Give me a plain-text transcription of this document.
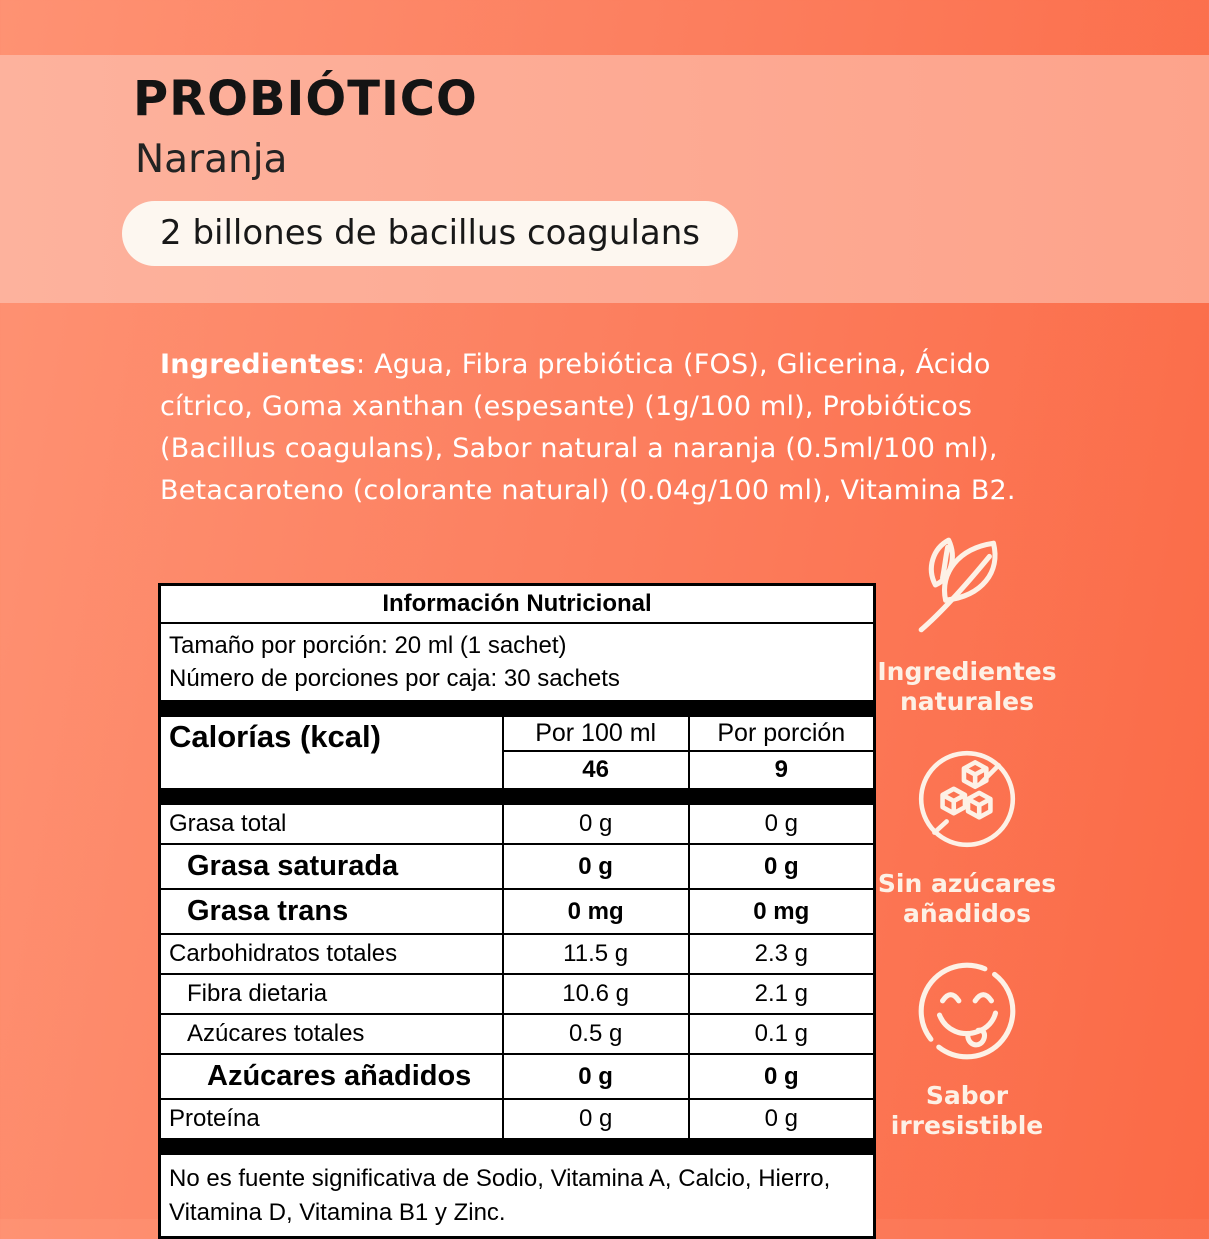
PROBIÓTICO
Naranja
2 billones de bacillus coagulans

Ingredientes: Agua, Fibra prebiótica (FOS), Glicerina, Ácido cítrico, Goma xanthan (espesante) (1g/100 ml), Probióticos (Bacillus coagulans), Sabor natural a naranja (0.5ml/100 ml), Betacaroteno (colorante natural) (0.04g/100 ml), Vitamina B2.

Información Nutricional		

Tamaño por porción: 20 ml (1 sachet)
Número de porciones por caja: 30 sachets		

Calorías (kcal)	Por 100 ml	Por porción
	46	9

Grasa total	0 g	0 g
Grasa saturada	0 g	0 g
Grasa trans	0 mg	0 mg
Carbohidratos totales	11.5 g	2.3 g
Fibra dietaria	10.6 g	2.1 g
Azúcares totales	0.5 g	0.1 g
Azúcares añadidos	0 g	0 g
Proteína	0 g	0 g

No es fuente significativa de Sodio, Vitamina A, Calcio, Hierro, Vitamina D, Vitamina B1 y Zinc.		
Ingredientes naturales
Sin azúcares añadidos
Sabor irresistible
